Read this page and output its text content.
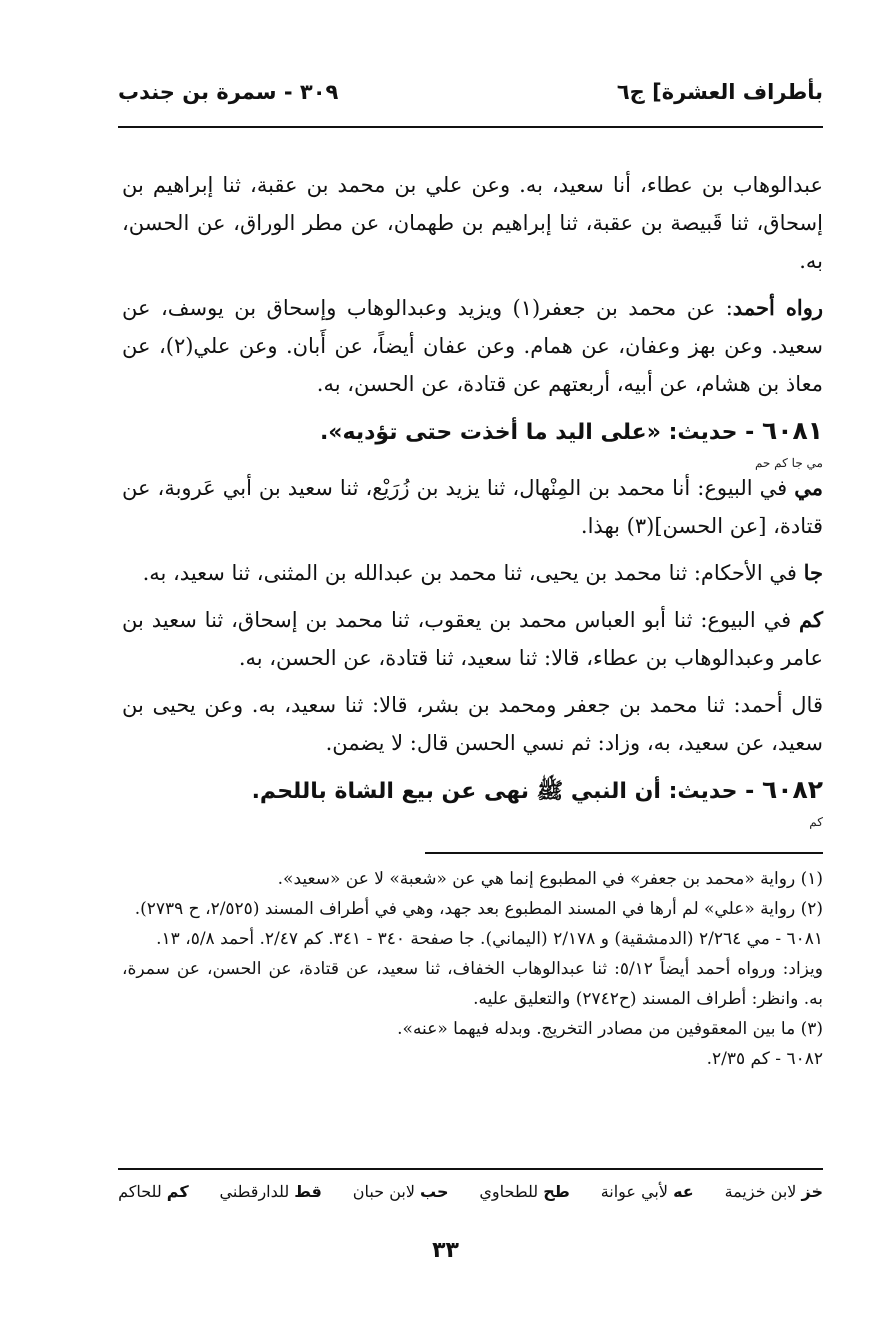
بأطراف العشرة] ج٦
٣٠٩ - سمرة بن جندب

عبدالوهاب بن عطاء، أنا سعيد، به. وعن علي بن محمد بن عقبة، ثنا إبراهيم بن إسحاق، ثنا قَبيصة بن عقبة، ثنا إبراهيم بن طهمان، عن مطر الوراق، عن الحسن، به.

رواه أحمد: عن محمد بن جعفر(١) ويزيد وعبدالوهاب وإسحاق بن يوسف، عن سعيد. وعن بهز وعفان، عن همام. وعن عفان أيضاً، عن أَبان. وعن علي(٢)، عن معاذ بن هشام، عن أبيه، أربعتهم عن قتادة، عن الحسن، به.

٦٠٨١ - حديث: «على اليد ما أخذت حتى تؤديه».

مي جا كم حم

مي في البيوع: أنا محمد بن المِنْهال، ثنا يزيد بن زُرَيْع، ثنا سعيد بن أبي عَروبة، عن قتادة، [عن الحسن](٣) بهذا.

جا في الأحكام: ثنا محمد بن يحيى، ثنا محمد بن عبدالله بن المثنى، ثنا سعيد، به.

كم في البيوع: ثنا أبو العباس محمد بن يعقوب، ثنا محمد بن إسحاق، ثنا سعيد بن عامر وعبدالوهاب بن عطاء، قالا: ثنا سعيد، ثنا قتادة، عن الحسن، به.

قال أحمد: ثنا محمد بن جعفر ومحمد بن بشر، قالا: ثنا سعيد، به. وعن يحيى بن سعيد، عن سعيد، به، وزاد: ثم نسي الحسن قال: لا يضمن.

٦٠٨٢ - حديث: أن النبي ﷺ نهى عن بيع الشاة باللحم.

كم

(١) رواية «محمد بن جعفر» في المطبوع إنما هي عن «شعبة» لا عن «سعيد».

(٢) رواية «علي» لم أرها في المسند المطبوع بعد جهد، وهي في أطراف المسند (٢/٥٢٥، ح ٢٧٣٩).

٦٠٨١ - مي ٢/٢٦٤ (الدمشقية) و ٢/١٧٨ (اليماني). جا صفحة ٣٤٠ - ٣٤١. كم ٢/٤٧. أحمد ٥/٨، ١٣.

ويزاد: ورواه أحمد أيضاً ٥/١٢: ثنا عبدالوهاب الخفاف، ثنا سعيد، عن قتادة، عن الحسن، عن سمرة، به. وانظر: أطراف المسند (ح٢٧٤٢) والتعليق عليه.

(٣) ما بين المعقوفين من مصادر التخريج. وبدله فيهما «عنه».

٦٠٨٢ - كم ٢/٣٥.

خز لابن خزيمة
عه لأبي عوانة
طح للطحاوي
حب لابن حبان
قط للدارقطني
كم للحاكم
٣٣
